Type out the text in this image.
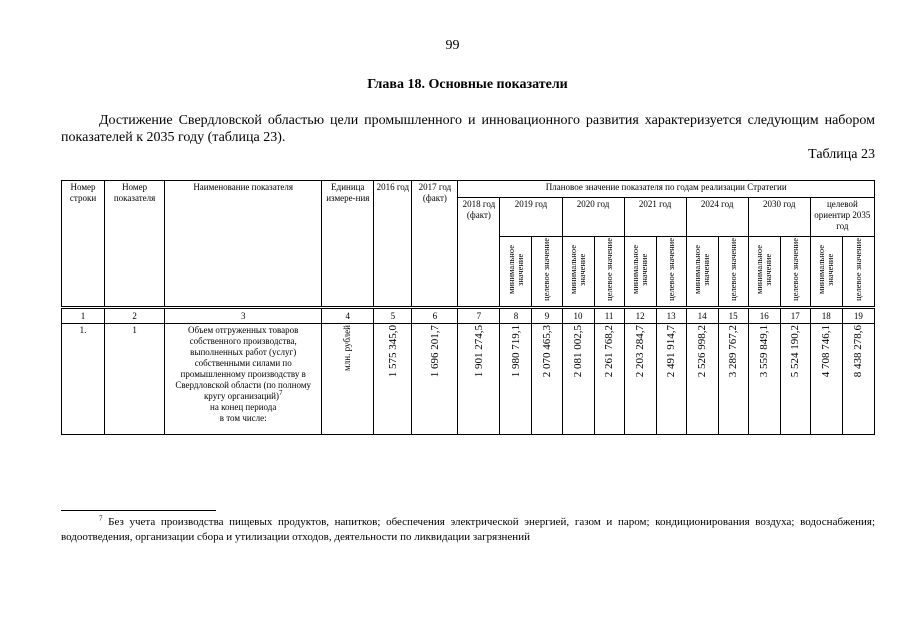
99
Глава 18. Основные показатели

Достижение Свердловской областью цели промышленного и инновационного развития характеризуется следующим набором показателей к 2035 году (таблица 23).

Таблица 23
Номер строки	Номер показателя	Наименование показателя	Единица измере-ния	2016 год	2017 год (факт)	Плановое значение показателя по годам реализации Стратегии												
						2018 год (факт)	2019 год		2020 год		2021 год		2024 год		2030 год		целевой ориентир 2035 год	
							минимальное значение	целевое значение	минимальное значение	целевое значение	минимальное значение	целевое значение	минимальное значение	целевое значение	минимальное значение	целевое значение	минимальное значение	целевое значение
1	2	3	4	5	6	7	8	9	10	11	12	13	14	15	16	17	18	19
1.	1	Объем отгруженных товаров собственного производства, выполненных работ (услуг) собственными силами по промышленному производству в Свердловской области (по полному кругу организаций)$^7$
на конец периода
в том числе:	млн. рублей	1 575 345,0	1 696 201,7	1 901 274,5	1 980 719,1	2 070 465,3	2 081 002,5	2 261 768,2	2 203 284,7	2 491 914,7	2 526 998,2	3 289 767,2	3 559 849,1	5 524 190,2	4 708 746,1	8 438 278,6

$^7$ Без учета производства пищевых продуктов, напитков; обеспечения электрической энергией, газом и паром; кондиционирования воздуха; водоснабжения; водоотведения, организации сбора и утилизации отходов, деятельности по ликвидации загрязнений
